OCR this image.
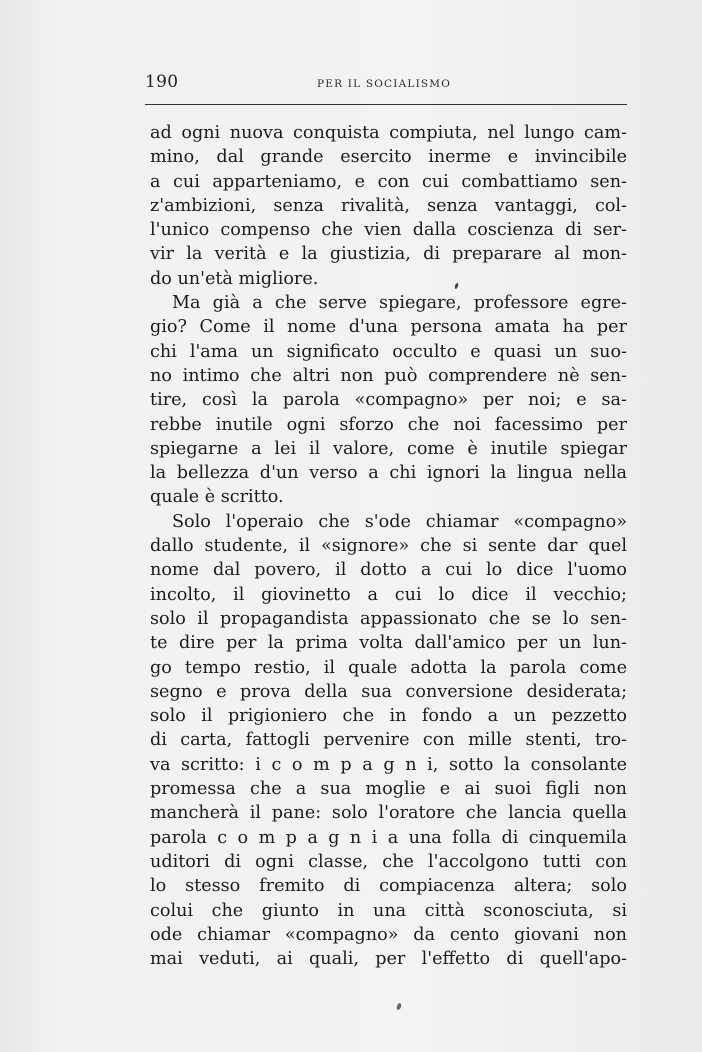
190	PER IL SOCIALISMO
ad ogni nuova conquista compiuta, nel lungo cam-
mino, dal grande esercito inerme e invincibile
a cui apparteniamo, e con cui combattiamo sen-
z'ambizioni, senza rivalità, senza vantaggi, col-
l'unico compenso che vien dalla coscienza di ser-
vir la verità e la giustizia, di preparare al mon-
do un'età migliore.
Ma già a che serve spiegare, professore egre-
gio? Come il nome d'una persona amata ha per
chi l'ama un significato occulto e quasi un suo-
no intimo che altri non può comprendere nè sen-
tire, così la parola «compagno» per noi; e sa-
rebbe inutile ogni sforzo che noi facessimo per
spiegarne a lei il valore, come è inutile spiegar
la bellezza d'un verso a chi ignori la lingua nella
quale è scritto.
Solo l'operaio che s'ode chiamar «compagno»
dallo studente, il «signore» che si sente dar quel
nome dal povero, il dotto a cui lo dice l'uomo
incolto, il giovinetto a cui lo dice il vecchio;
solo il propagandista appassionato che se lo sen-
te dire per la prima volta dall'amico per un lun-
go tempo restio, il quale adotta la parola come
segno e prova della sua conversione desiderata;
solo il prigioniero che in fondo a un pezzetto
di carta, fattogli pervenire con mille stenti, tro-
va scritto: i c o m p a g n i, sotto la consolante
promessa che a sua moglie e ai suoi figli non
mancherà il pane: solo l'oratore che lancia quella
parola c o m p a g n i a una folla di cinquemila
uditori di ogni classe, che l'accolgono tutti con
lo stesso fremito di compiacenza altera; solo
colui che giunto in una città sconosciuta, si
ode chiamar «compagno» da cento giovani non
mai veduti, ai quali, per l'effetto di quell'apo-
